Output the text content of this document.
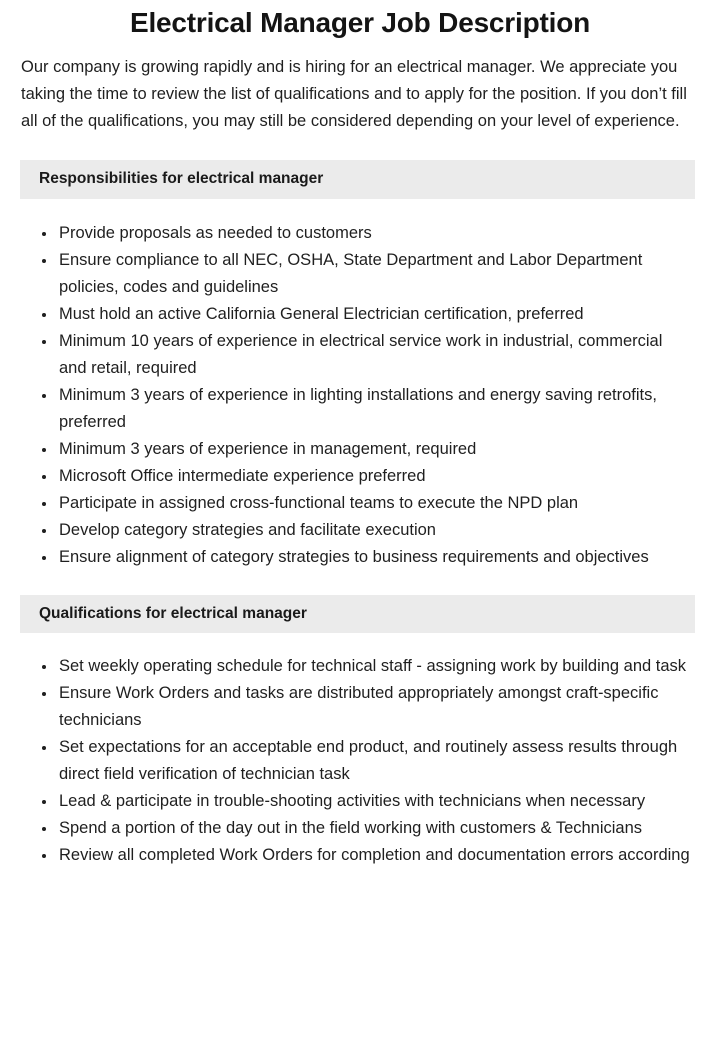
Electrical Manager Job Description

Our company is growing rapidly and is hiring for an electrical manager. We appreciate you taking the time to review the list of qualifications and to apply for the position. If you don’t fill all of the qualifications, you may still be considered depending on your level of experience.

Responsibilities for electrical manager
Provide proposals as needed to customers
Ensure compliance to all NEC, OSHA, State Department and Labor Department policies, codes and guidelines
Must hold an active California General Electrician certification, preferred
Minimum 10 years of experience in electrical service work in industrial, commercial and retail, required
Minimum 3 years of experience in lighting installations and energy saving retrofits, preferred
Minimum 3 years of experience in management, required
Microsoft Office intermediate experience preferred
Participate in assigned cross-functional teams to execute the NPD plan
Develop category strategies and facilitate execution
Ensure alignment of category strategies to business requirements and objectives
Qualifications for electrical manager
Set weekly operating schedule for technical staff - assigning work by building and task
Ensure Work Orders and tasks are distributed appropriately amongst craft-specific technicians
Set expectations for an acceptable end product, and routinely assess results through direct field verification of technician task
Lead & participate in trouble-shooting activities with technicians when necessary
Spend a portion of the day out in the field working with customers & Technicians
Review all completed Work Orders for completion and documentation errors according
